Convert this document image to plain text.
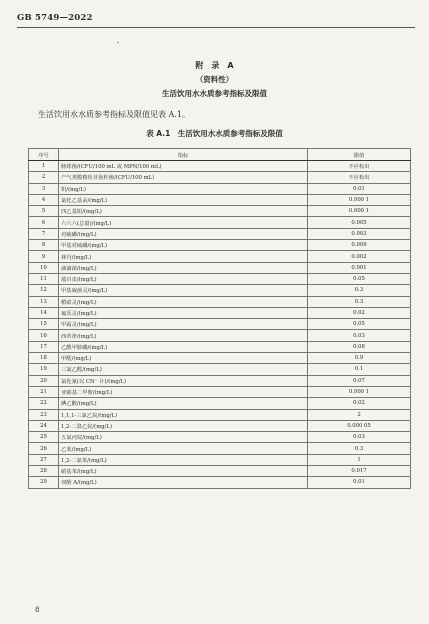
GB 5749—2022
附　录　A
（资料性）
生活饮用水水质参考指标及限值
生活饮用水水质参考指标及限值见表 A.1。
表 A.1　生活饮用水水质参考指标及限值
序号	指标	限值
1	肠球菌/(CFU/100 mL 或 MPN/100 mL)	不应检出
2	产气荚膜梭状芽孢杆菌/(CFU/100 mL)	不应检出
3	钒/(mg/L)	0.01
4	氯化乙基汞/(mg/L)	0.000 1
5	四乙基铅/(mg/L)	0.000 1
6	六六六(总量)/(mg/L)	0.005
7	对硫磷/(mg/L)	0.003
8	甲基对硫磷/(mg/L)	0.009
9	林丹/(mg/L)	0.002
10	滴滴涕/(mg/L)	0.001
11	敌百虫/(mg/L)	0.05
12	甲基硫菌灵/(mg/L)	0.3
13	稻瘟灵/(mg/L)	0.3
14	氟乐灵/(mg/L)	0.02
15	甲霜灵/(mg/L)	0.05
16	西草净/(mg/L)	0.03
17	乙酰甲胺磷/(mg/L)	0.08
18	甲醛/(mg/L)	0.9
19	三氯乙醛/(mg/L)	0.1
20	氯化氰(以 CN⁻ 计)/(mg/L)	0.07
21	亚硝基二甲胺/(mg/L)	0.000 1
22	碘乙酸/(mg/L)	0.02
23	1,1,1-三氯乙烷/(mg/L)	2
24	1,2-二溴乙烷/(mg/L)	0.000 05
25	五氯丙烷/(mg/L)	0.03
26	乙苯/(mg/L)	0.3
27	1,2-二氯苯/(mg/L)	1
28	硝基苯/(mg/L)	0.017
29	双酚 A/(mg/L)	0.01
8
